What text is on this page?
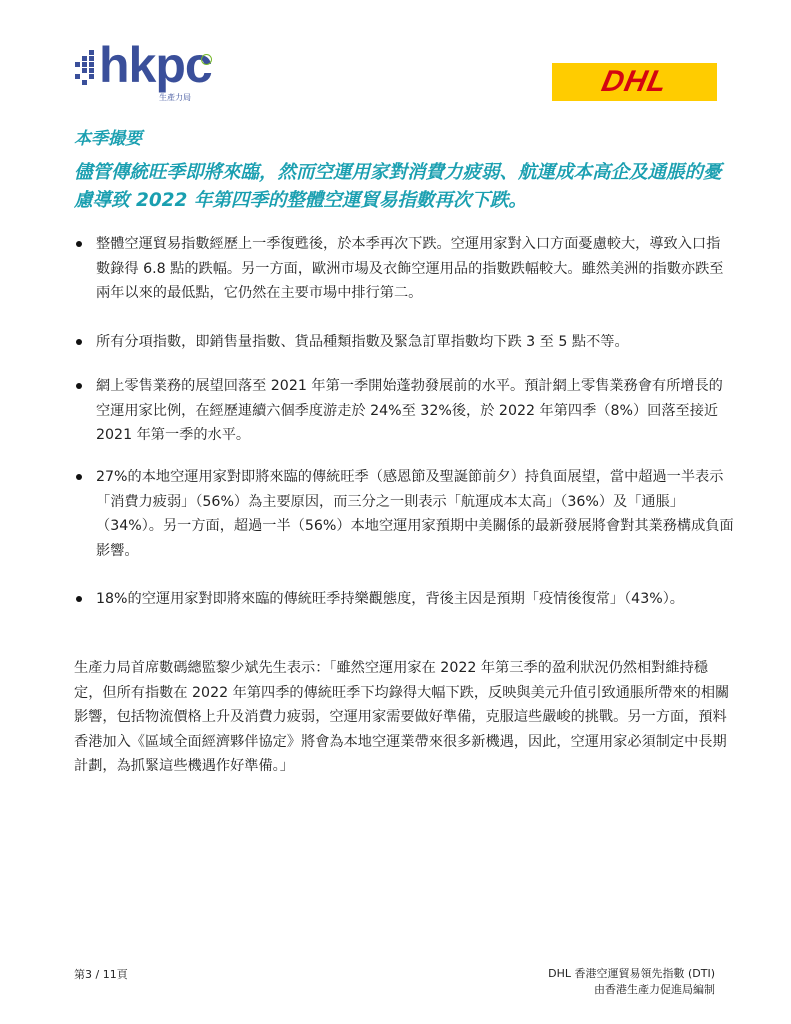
hkpc
生產力局	DHL
本季撮要
儘管傳統旺季即將來臨，然而空運用家對消費力疲弱、航運成本高企及通脹的憂慮導致 2022 年第四季的整體空運貿易指數再次下跌。
整體空運貿易指數經歷上一季復甦後，於本季再次下跌。空運用家對入口方面憂慮較大，導致入口指數錄得 6.8 點的跌幅。另一方面，歐洲市場及衣飾空運用品的指數跌幅較大。雖然美洲的指數亦跌至兩年以來的最低點，它仍然在主要市場中排行第二。
所有分項指數，即銷售量指數、貨品種類指數及緊急訂單指數均下跌 3 至 5 點不等。
網上零售業務的展望回落至 2021 年第一季開始蓬勃發展前的水平。預計網上零售業務會有所增長的空運用家比例，在經歷連續六個季度游走於 24%至 32%後，於 2022 年第四季（8%）回落至接近 2021 年第一季的水平。
27%的本地空運用家對即將來臨的傳統旺季（感恩節及聖誕節前夕）持負面展望，當中超過一半表示「消費力疲弱」（56%）為主要原因，而三分之一則表示「航運成本太高」（36%）及「通脹」（34%）。另一方面，超過一半（56%）本地空運用家預期中美關係的最新發展將會對其業務構成負面影響。
18%的空運用家對即將來臨的傳統旺季持樂觀態度，背後主因是預期「疫情後復常」（43%）。
生產力局首席數碼總監黎少斌先生表示：「雖然空運用家在 2022 年第三季的盈利狀況仍然相對維持穩定，但所有指數在 2022 年第四季的傳統旺季下均錄得大幅下跌，反映與美元升值引致通脹所帶來的相關影響，包括物流價格上升及消費力疲弱，空運用家需要做好準備，克服這些嚴峻的挑戰。另一方面，預料香港加入《區域全面經濟夥伴協定》將會為本地空運業帶來很多新機遇，因此，空運用家必須制定中長期計劃，為抓緊這些機遇作好準備。」
第3 / 11頁	DHL 香港空運貿易領先指數 (DTI)
由香港生產力促進局編制
